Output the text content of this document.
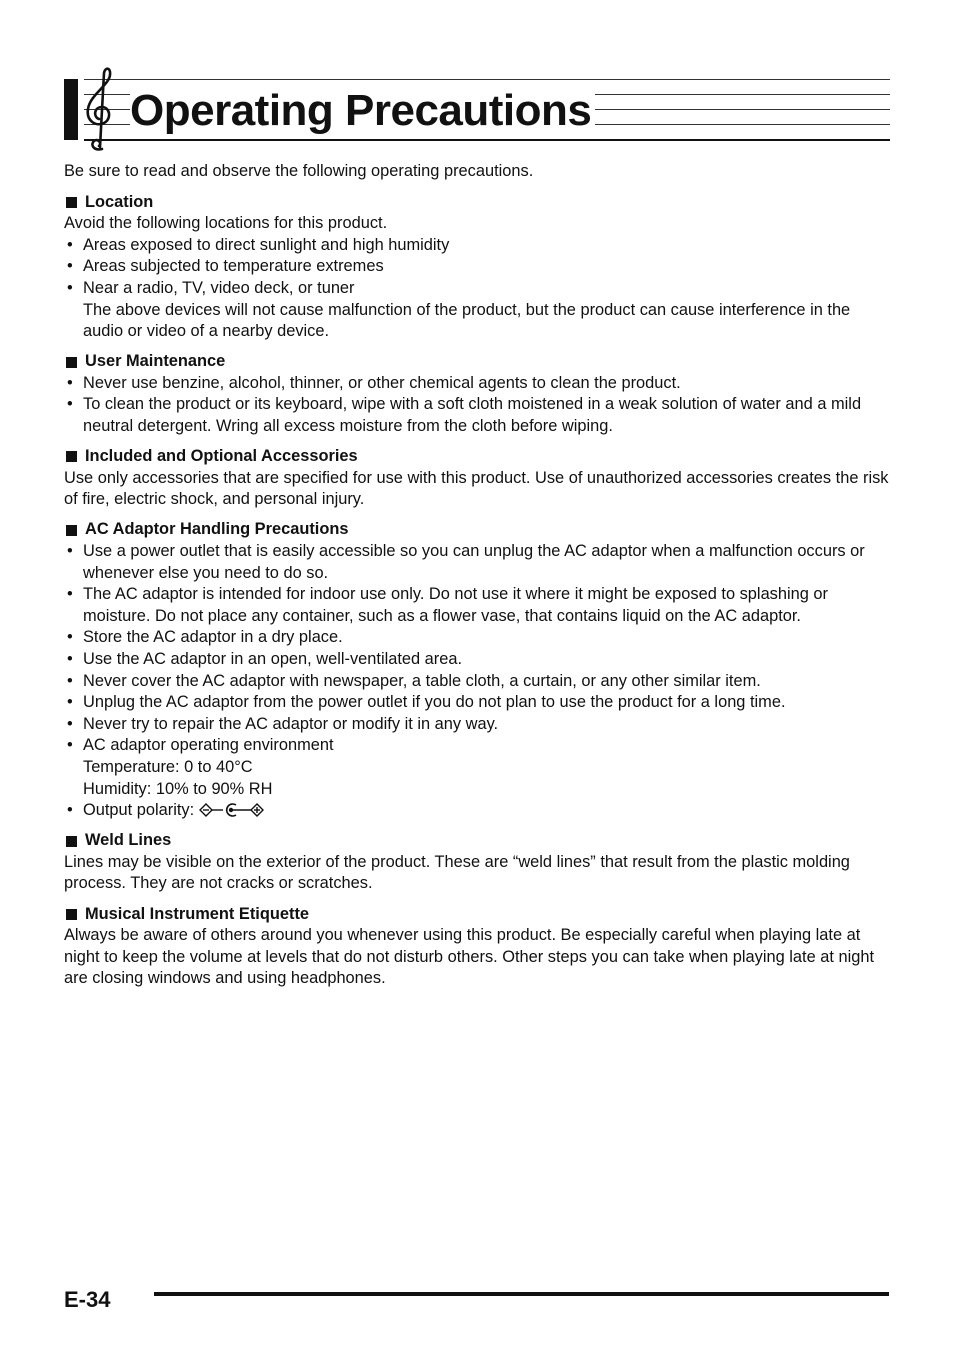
Operating Precautions

Be sure to read and observe the following operating precautions.

Location

Avoid the following locations for this product.

• Areas exposed to direct sunlight and high humidity
• Areas subjected to temperature extremes
• Near a radio, TV, video deck, or tuner
The above devices will not cause malfunction of the product, but the product can cause interference in the audio or video of a nearby device.
User Maintenance
• Never use benzine, alcohol, thinner, or other chemical agents to clean the product.
• To clean the product or its keyboard, wipe with a soft cloth moistened in a weak solution of water and a mild neutral detergent. Wring all excess moisture from the cloth before wiping.
Included and Optional Accessories

Use only accessories that are specified for use with this product. Use of unauthorized accessories creates the risk of fire, electric shock, and personal injury.

AC Adaptor Handling Precautions
• Use a power outlet that is easily accessible so you can unplug the AC adaptor when a malfunction occurs or whenever else you need to do so.
• The AC adaptor is intended for indoor use only. Do not use it where it might be exposed to splashing or moisture. Do not place any container, such as a flower vase, that contains liquid on the AC adaptor.
• Store the AC adaptor in a dry place.
• Use the AC adaptor in an open, well-ventilated area.
• Never cover the AC adaptor with newspaper, a table cloth, a curtain, or any other similar item.
• Unplug the AC adaptor from the power outlet if you do not plan to use the product for a long time.
• Never try to repair the AC adaptor or modify it in any way.
• AC adaptor operating environment
Temperature: 0 to 40°C
Humidity: 10% to 90% RH
• Output polarity:
Weld Lines

Lines may be visible on the exterior of the product. These are “weld lines” that result from the plastic molding process. They are not cracks or scratches.

Musical Instrument Etiquette

Always be aware of others around you whenever using this product. Be especially careful when playing late at night to keep the volume at levels that do not disturb others. Other steps you can take when playing late at night are closing windows and using headphones.

E-34
